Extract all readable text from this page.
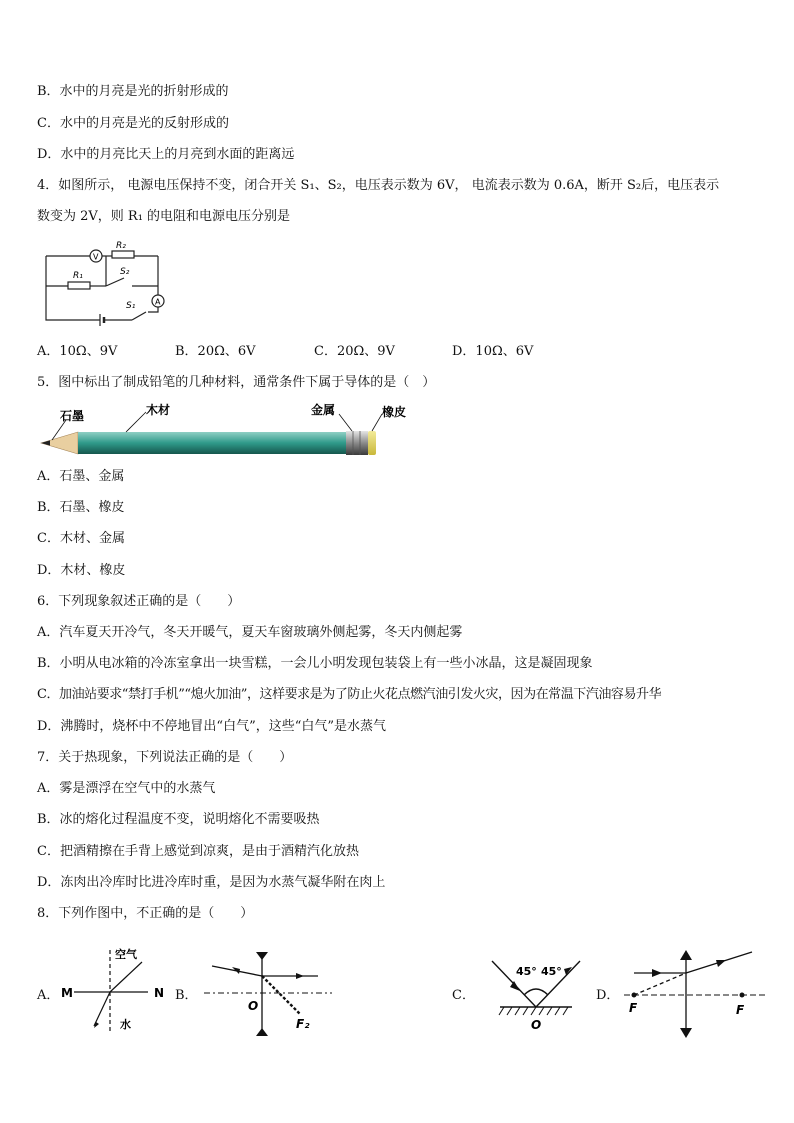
B．水中的月亮是光的折射形成的
C．水中的月亮是光的反射形成的
D．水中的月亮比天上的月亮到水面的距离远
4．如图所示， 电源电压保持不变，闭合开关 S₁、S₂，电压表示数为 6V， 电流表示数为 0.6A，断开 S₂后，电压表示
数变为 2V，则 R₁ 的电阻和电源电压分别是
V
A
R₂
R₁	S₂
S₁
A．10Ω、9V	B．20Ω、6V	C．20Ω、9V	D．10Ω、6V
5．图中标出了制成铅笔的几种材料，通常条件下属于导体的是（　）
石墨	木材	金属	橡皮
A．石墨、金属
B．石墨、橡皮
C．木材、金属
D．木材、橡皮
6．下列现象叙述正确的是（　　）
A．汽车夏天开冷气，冬天开暖气，夏天车窗玻璃外侧起雾，冬天内侧起雾
B．小明从电冰箱的冷冻室拿出一块雪糕，一会儿小明发现包装袋上有一些小冰晶，这是凝固现象
C．加油站要求“禁打手机”“熄火加油”，这样要求是为了防止火花点燃汽油引发火灾，因为在常温下汽油容易升华
D．沸腾时，烧杯中不停地冒出“白气”，这些“白气”是水蒸气
7．关于热现象，下列说法正确的是（　　）
A．雾是漂浮在空气中的水蒸气
B．冰的熔化过程温度不变，说明熔化不需要吸热
C．把酒精擦在手背上感觉到凉爽，是由于酒精汽化放热
D．冻肉出冷库时比进冷库时重，是因为水蒸气凝华附在肉上
8．下列作图中，不正确的是（　　）
A．	B．	C．	D．
M	N
空气
水
O
F₂
45° 45°
O
F	F
